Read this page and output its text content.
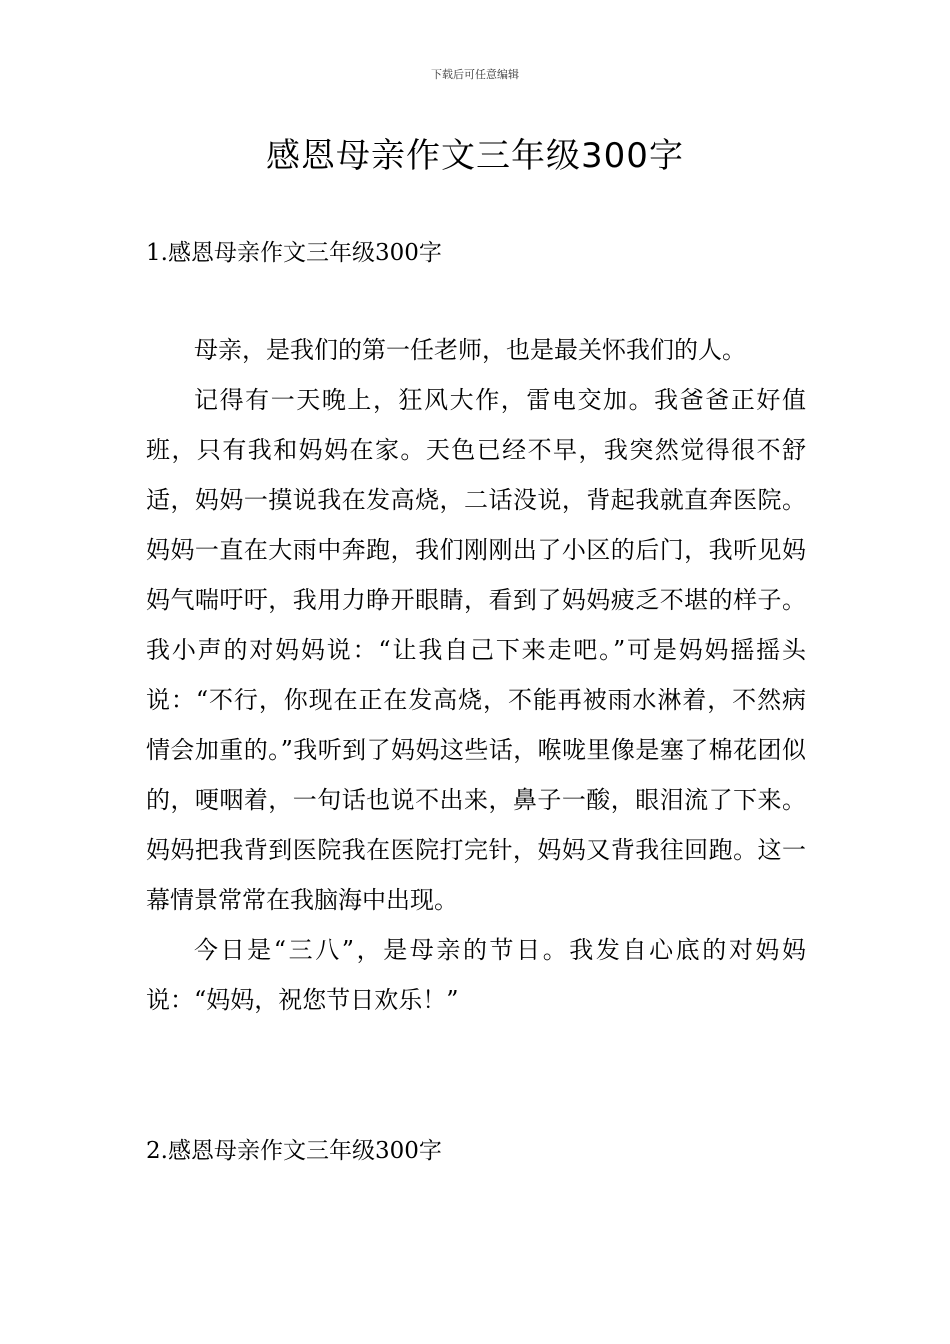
下载后可任意编辑
感恩母亲作文三年级300字
1.感恩母亲作文三年级300字

母亲，是我们的第一任老师，也是最关怀我们的人。

记得有一天晚上，狂风大作，雷电交加。我爸爸正好值班，只有我和妈妈在家。天色已经不早，我突然觉得很不舒适，妈妈一摸说我在发高烧，二话没说，背起我就直奔医院。妈妈一直在大雨中奔跑，我们刚刚出了小区的后门，我听见妈妈气喘吁吁，我用力睁开眼睛，看到了妈妈疲乏不堪的样子。我小声的对妈妈说：“让我自己下来走吧。”可是妈妈摇摇头说：“不行，你现在正在发高烧，不能再被雨水淋着，不然病情会加重的。”我听到了妈妈这些话，喉咙里像是塞了棉花团似的，哽咽着，一句话也说不出来，鼻子一酸，眼泪流了下来。妈妈把我背到医院我在医院打完针，妈妈又背我往回跑。这一幕情景常常在我脑海中出现。

今日是“三八”，是母亲的节日。我发自心底的对妈妈说：“妈妈，祝您节日欢乐！”

2.感恩母亲作文三年级300字
